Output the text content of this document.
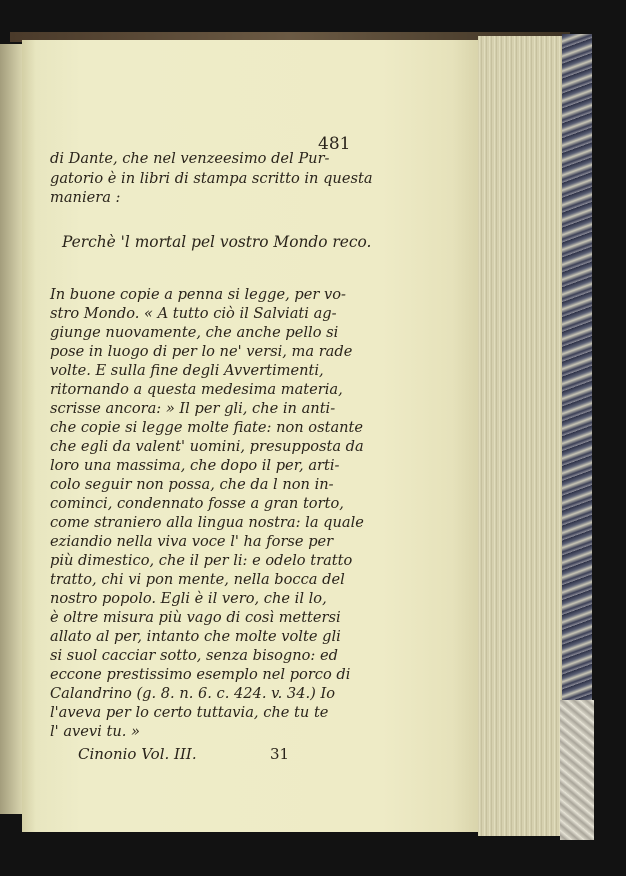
481
di Dante, che nel venzeesimo del Pur-
gatorio è in libri di stampa scritto in questa
maniera :
Perchè 'l mortal pel vostro Mondo reco.
In buone copie a penna si legge, per vo-
stro Mondo. « A tutto ciò il Salviati ag-
giunge nuovamente, che anche pello si
pose in luogo di per lo ne' versi, ma rade
volte. E sulla fine degli Avvertimenti,
ritornando a questa medesima materia,
scrisse ancora: » Il per gli, che in anti-
che copie si legge molte fiate: non ostante
che egli da valent' uomini, presupposta da
loro una massima, che dopo il per, arti-
colo seguir non possa, che da l non in-
cominci, condennato fosse a gran torto,
come straniero alla lingua nostra: la quale
eziandio nella viva voce l' ha forse per
più dimestico, che il per li: e odelo tratto
tratto, chi vi pon mente, nella bocca del
nostro popolo. Egli è il vero, che il lo,
è oltre misura più vago di così mettersi
allato al per, intanto che molte volte gli
si suol cacciar sotto, senza bisogno: ed
eccone prestissimo esemplo nel porco di
Calandrino (g. 8. n. 6. c. 424. v. 34.) Io
l'aveva per lo certo tuttavia, che tu te
l' avevi tu. »
Cinonio Vol. III.	31
